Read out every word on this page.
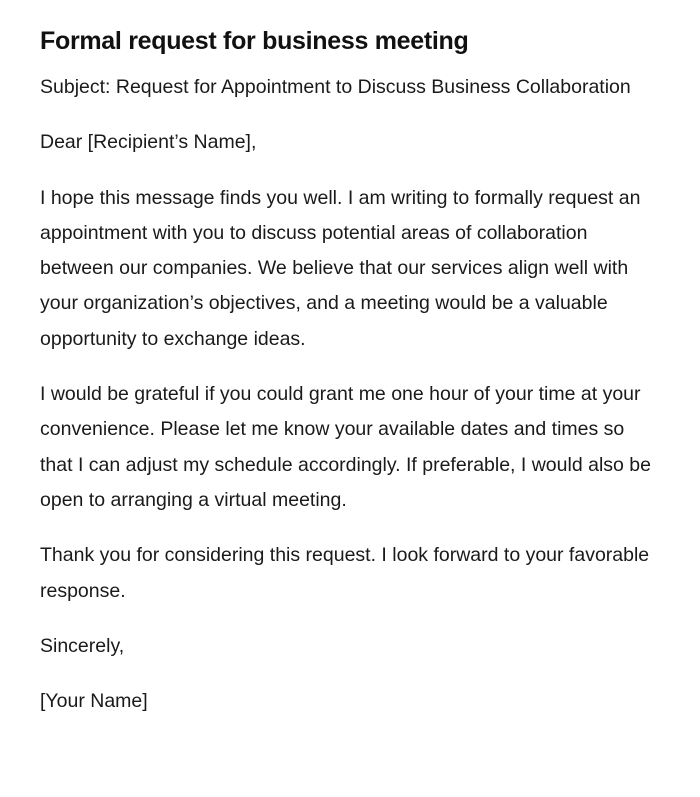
Formal request for business meeting

Subject: Request for Appointment to Discuss Business Collaboration

Dear [Recipient’s Name],

I hope this message finds you well. I am writing to formally request an appointment with you to discuss potential areas of collaboration between our companies. We believe that our services align well with your organization’s objectives, and a meeting would be a valuable opportunity to exchange ideas.

I would be grateful if you could grant me one hour of your time at your convenience. Please let me know your available dates and times so that I can adjust my schedule accordingly. If preferable, I would also be open to arranging a virtual meeting.

Thank you for considering this request. I look forward to your favorable response.

Sincerely,

[Your Name]
